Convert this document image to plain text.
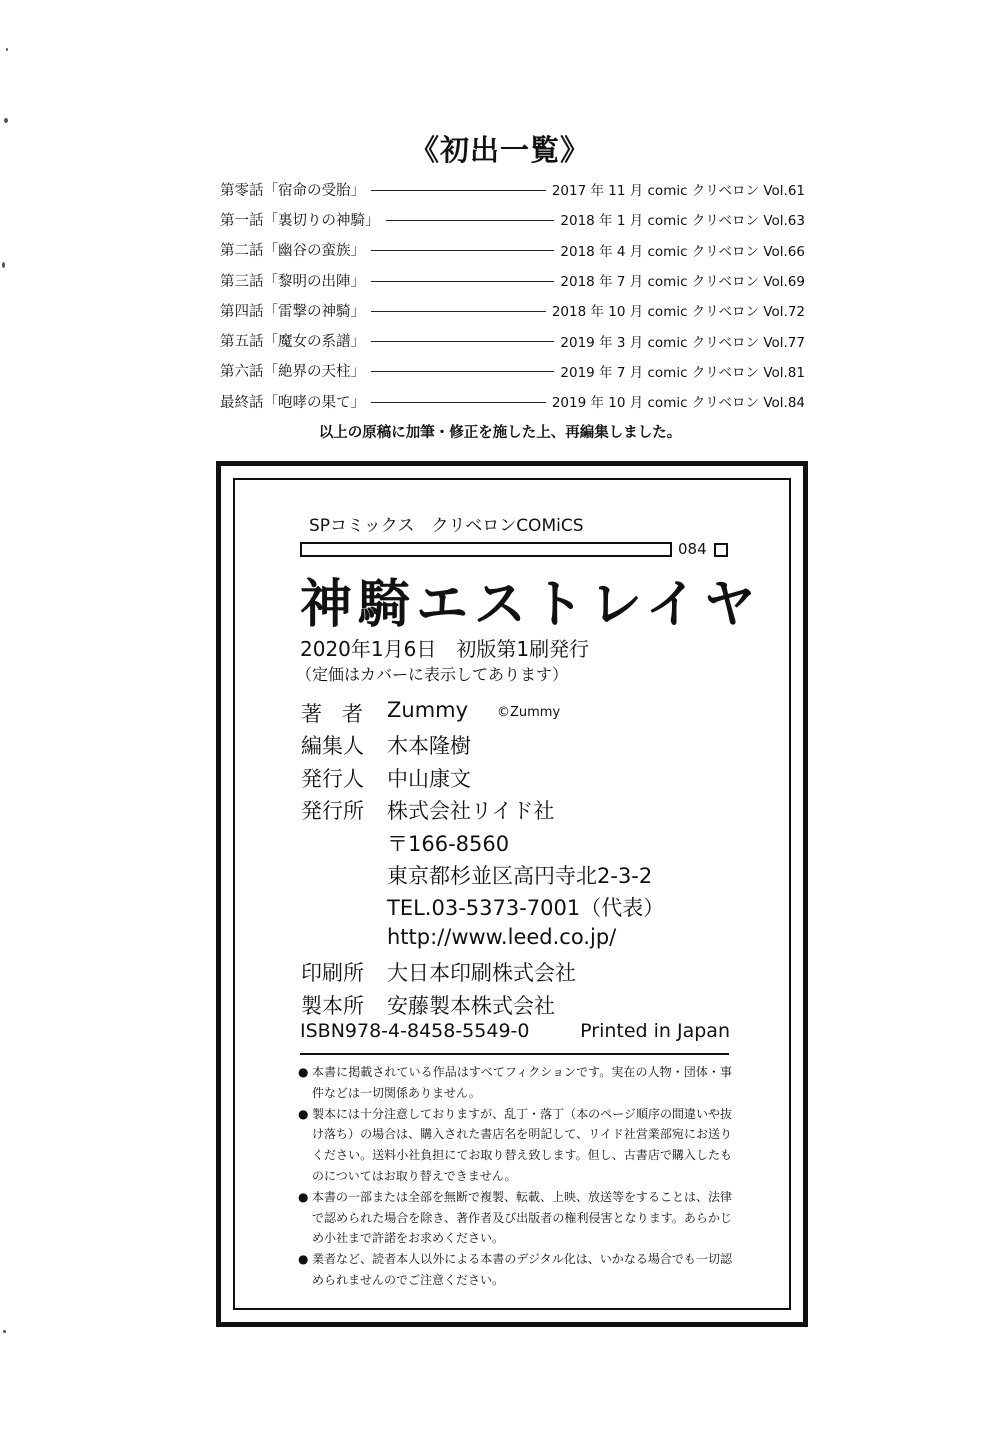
《初出一覧》
第零話「宿命の受胎」	2017 年 11 月 comic クリベロン Vol.61
第一話「裏切りの神騎」	2018 年 1 月 comic クリベロン Vol.63
第二話「幽谷の蛮族」	2018 年 4 月 comic クリベロン Vol.66
第三話「黎明の出陣」	2018 年 7 月 comic クリベロン Vol.69
第四話「雷撃の神騎」	2018 年 10 月 comic クリベロン Vol.72
第五話「魔女の系譜」	2019 年 3 月 comic クリベロン Vol.77
第六話「絶界の天柱」	2019 年 7 月 comic クリベロン Vol.81
最終話「咆哮の果て」	2019 年 10 月 comic クリベロン Vol.84
以上の原稿に加筆・修正を施した上、再編集しました。
SPコミックス　クリベロンCOMiCS
084
神騎エストレイヤ
2020年1月6日　初版第1刷発行
（定価はカバーに表示してあります）
著者 Zummy ©Zummy
編集人 木本隆樹
発行人 中山康文
発行所 株式会社リイド社
〒166-8560
東京都杉並区高円寺北2-3-2
TEL.03-5373-7001（代表）
http://www.leed.co.jp/
印刷所 大日本印刷株式会社
製本所 安藤製本株式会社
ISBN978-4-8458-5549-0	Printed in Japan
● 本書に掲載されている作品はすべてフィクションです。実在の人物・団体・事件などは一切関係ありません。
● 製本には十分注意しておりますが、乱丁・落丁（本のページ順序の間違いや抜け落ち）の場合は、購入された書店名を明記して、リイド社営業部宛にお送りください。送料小社負担にてお取り替え致します。但し、古書店で購入したものについてはお取り替えできません。
● 本書の一部または全部を無断で複製、転載、上映、放送等をすることは、法律で認められた場合を除き、著作者及び出版者の権利侵害となります。あらかじめ小社まで許諾をお求めください。
● 業者など、読者本人以外による本書のデジタル化は、いかなる場合でも一切認められませんのでご注意ください。
